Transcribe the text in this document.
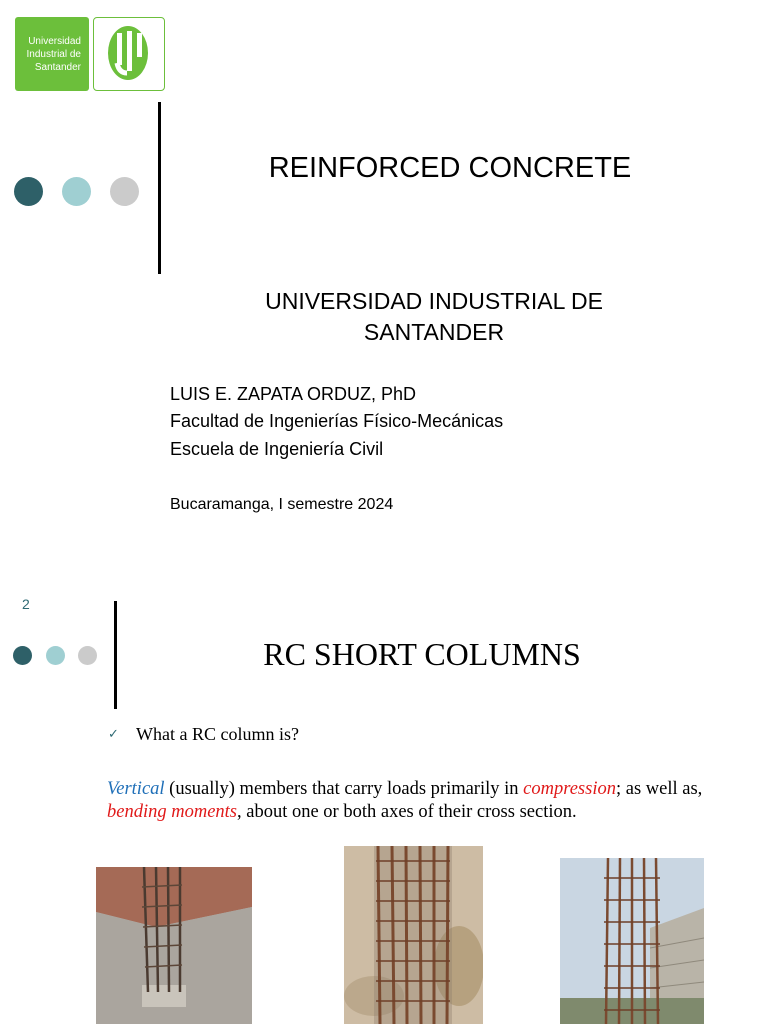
Universidad
Industrial de
Santander
REINFORCED CONCRETE
UNIVERSIDAD INDUSTRIAL DE
SANTANDER
LUIS E. ZAPATA ORDUZ, PhD
Facultad de Ingenierías Físico-Mecánicas
Escuela de Ingeniería Civil
Bucaramanga, I semestre 2024
2
RC SHORT COLUMNS
✓ What a RC column is?
Vertical (usually) members that carry loads primarily in compression; as well as, bending moments, about one or both axes of their cross section.
